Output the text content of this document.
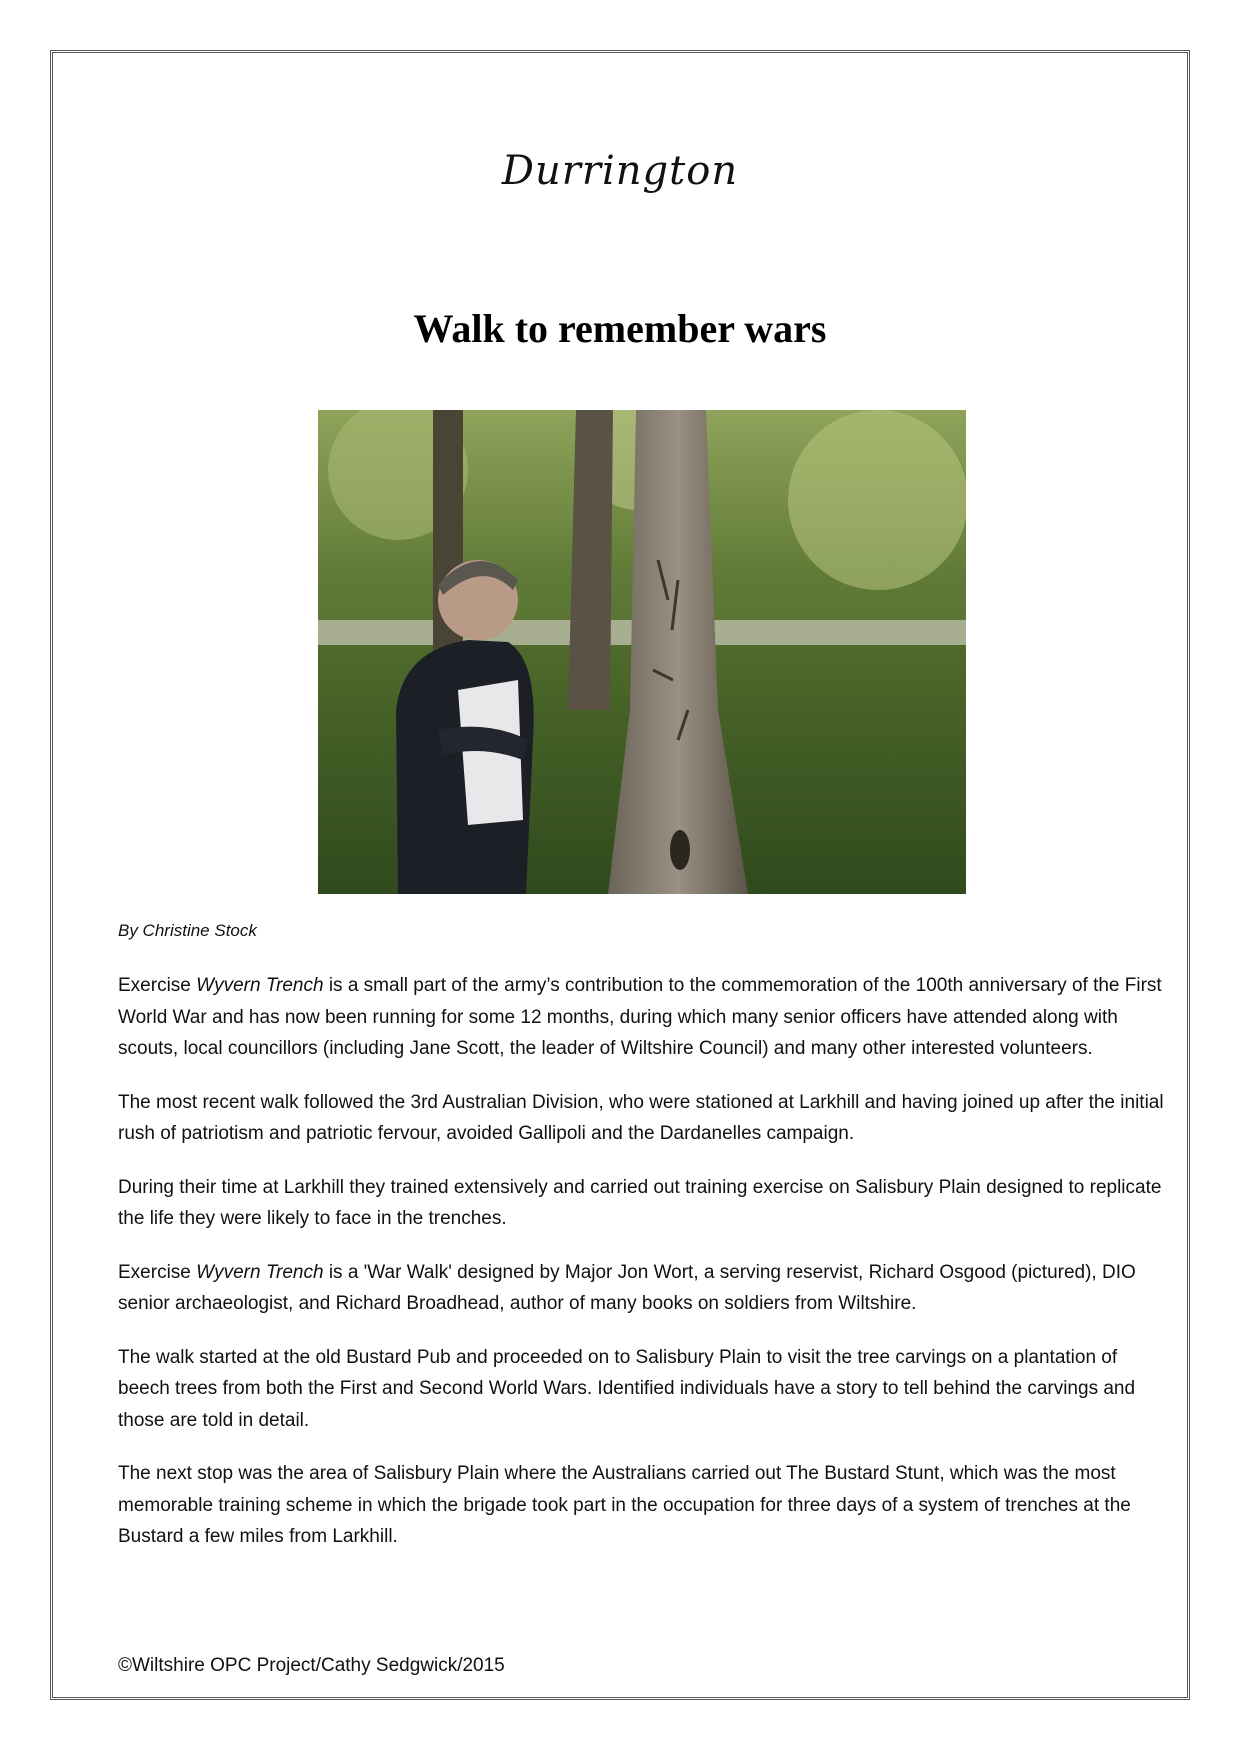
Durrington
Walk to remember wars
By Christine Stock

Exercise Wyvern Trench is a small part of the army’s contribution to the commemoration of the 100th anniversary of the First World War and has now been running for some 12 months, during which many senior officers have attended along with scouts, local councillors (including Jane Scott, the leader of Wiltshire Council) and many other interested volunteers.

The most recent walk followed the 3rd Australian Division, who were stationed at Larkhill and having joined up after the initial rush of patriotism and patriotic fervour, avoided Gallipoli and the Dardanelles campaign.

During their time at Larkhill they trained extensively and carried out training exercise on Salisbury Plain designed to replicate the life they were likely to face in the trenches.

Exercise Wyvern Trench is a 'War Walk' designed by Major Jon Wort, a serving reservist, Richard Osgood (pictured), DIO senior archaeologist, and Richard Broadhead, author of many books on soldiers from Wiltshire.

The walk started at the old Bustard Pub and proceeded on to Salisbury Plain to visit the tree carvings on a plantation of beech trees from both the First and Second World Wars. Identified individuals have a story to tell behind the carvings and those are told in detail.

The next stop was the area of Salisbury Plain where the Australians carried out The Bustard Stunt, which was the most memorable training scheme in which the brigade took part in the occupation for three days of a system of trenches at the Bustard a few miles from Larkhill.

©Wiltshire OPC Project/Cathy Sedgwick/2015
